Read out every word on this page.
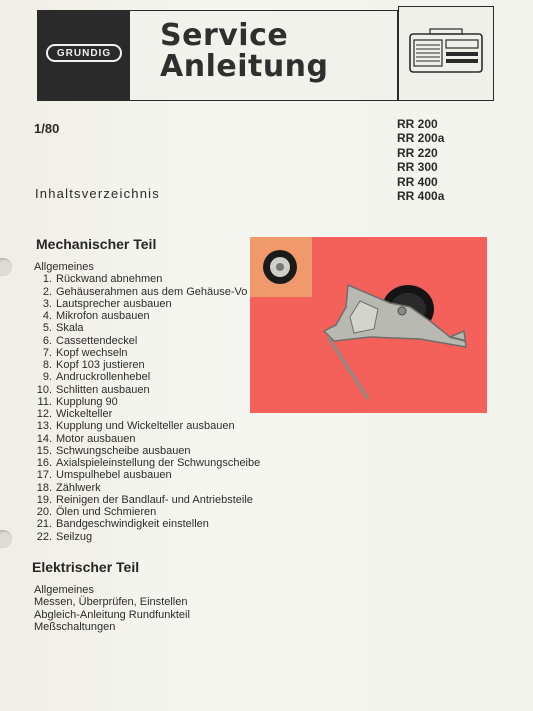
GRUNDIG Service
Anleitung
1/80	RR 200
RR 200a
RR 220
RR 300
RR 400
RR 400a
Inhaltsverzeichnis
Mechanischer Teil
Allgemeines
1. Rückwand abnehmen
2. Gehäuserahmen aus dem Gehäuse-Vo
3. Lautsprecher ausbauen
4. Mikrofon ausbauen
5. Skala
6. Cassettendeckel
7. Kopf wechseln
8. Kopf 103 justieren
9. Andruckrollenhebel
10. Schlitten ausbauen
11. Kupplung 90
12. Wickelteller
13. Kupplung und Wickelteller ausbauen
14. Motor ausbauen
15. Schwungscheibe ausbauen
16. Axialspieleinstellung der Schwungscheibe
17. Umspulhebel ausbauen
18. Zählwerk
19. Reinigen der Bandlauf- und Antriebsteile
20. Ölen und Schmieren
21. Bandgeschwindigkeit einstellen
22. Seilzug
Elektrischer Teil
Allgemeines
Messen, Überprüfen, Einstellen
Abgleich-Anleitung Rundfunkteil
Meßschaltungen
